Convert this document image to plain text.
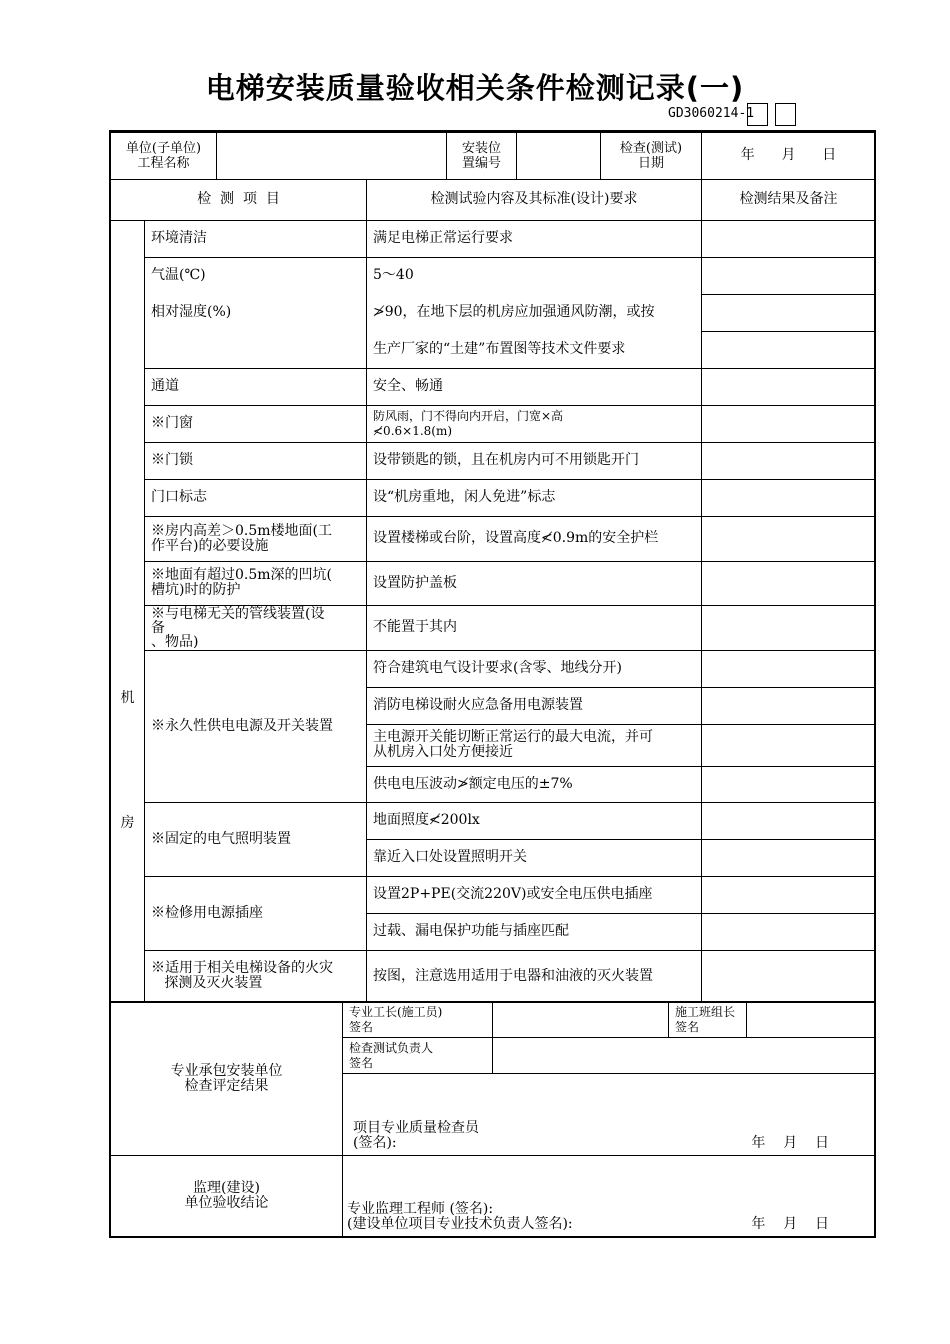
电梯安装质量验收相关条件检测记录(一)
GD3060214-1
单位(子单位)
工程名称				安装位
置编号		检查(测试)
日期	年      月      日
检  测  项  目			检测试验内容及其标准(设计)要求				检测结果及备注

机
房	环境清洁		满足电梯正常运行要求				
	气温(℃)		5～40				
	相对湿度(%)		≯90，在地下层的机房应加强通风防潮，或按				
			生产厂家的“土建”布置图等技术文件要求				
	通道		安全、畅通				
	※门窗		防风雨，门不得向内开启，门宽×高
≮0.6×1.8(m)				
	※门锁		设带锁匙的锁，且在机房内可不用锁匙开门				
	门口标志		设“机房重地，闲人免进”标志				
	※房内高差＞0.5m楼地面(工
作平台)的必要设施		设置楼梯或台阶，设置高度≮0.9m的安全护栏				
	※地面有超过0.5m深的凹坑(
槽坑)时的防护		设置防护盖板				
	※与电梯无关的管线装置(设
备
、物品)		不能置于其内				
	※永久性供电电源及开关装置		符合建筑电气设计要求(含零、地线分开)				
			消防电梯设耐火应急备用电源装置				
			主电源开关能切断正常运行的最大电流，并可
从机房入口处方便接近				
			供电电压波动≯额定电压的±7%				
	※固定的电气照明装置		地面照度≮200lx				
			靠近入口处设置照明开关				
	※检修用电源插座		设置2P+PE(交流220V)或安全电压供电插座				
			过载、漏电保护功能与插座匹配				
	※适用于相关电梯设备的火灾
探测及灭火装置		按图，注意选用适用于电器和油液的灭火装置				

专业承包安装单位
检查评定结果	专业工长(施工员)
签名		施工班组长
签名	
	检查测试负责人
签名			

	项目专业质量检查员
(签名): 年    月    日			

监理(建设)
单位验收结论	专业监理工程师 (签名):
(建设单位项目专业技术负责人签名): 年    月    日			
